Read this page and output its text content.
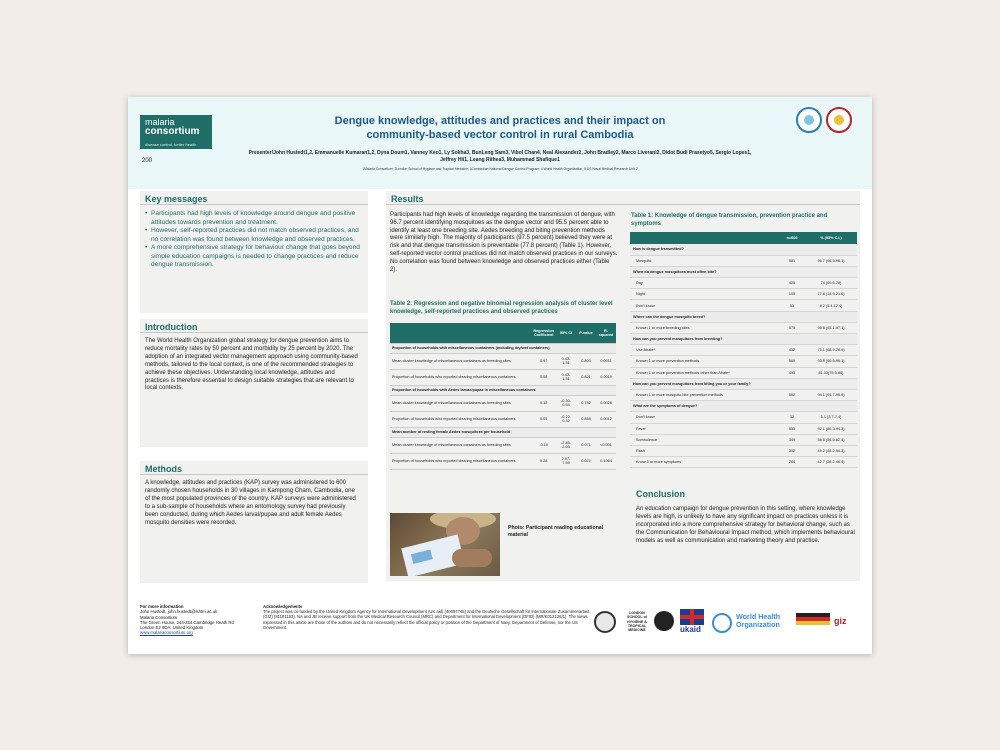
malaria
consortium
disease control, better health
200
Dengue knowledge, attitudes and practices and their impact on community-based vector control in rural Cambodia
Presenter/John Hustedt1,2, Emmanuelle Kumaran1,2, Dyna Doum1, Vanney Keo1, Ly Sokha3, BunLeng Sam3, Vibol Chan4, Neal Alexander2, John Bradley2, Marco Liverani2, Didot Budi Prasetyo5, Sergio Lopes1, Jeffrey Hii1, Leang Rithea3, Muhammad Shafique1
1Malaria Consortium; 2London School of Hygiene and Tropical Medicine; 3Cambodian National Dengue Control Program; 4 World Health Organization; 5 US Naval Medical Research Unit-2
Key messages
• Participants had high levels of knowledge around dengue and positive attitudes towards prevention and treatment.
• However, self-reported practices did not match observed practices, and no correlation was found between knowledge and observed practices.
• A more comprehensive strategy for behaviour change that goes beyond simple education campaigns is needed to change practices and reduce dengue transmission.
Introduction
The World Health Organization global strategy for dengue prevention aims to reduce mortality rates by 50 percent and morbidity by 25 percent by 2020. The adoption of an integrated vector management approach using community-based methods, tailored to the local context, is one of the recommended strategies to achieve these objectives. Understanding local knowledge, attitudes and practices is therefore essential to design suitable strategies that are relevant to local contexts.
Methods
A knowledge, attitudes and practices (KAP) survey was administered to 600 randomly chosen households in 30 villages in Kampong Cham, Cambodia, one of the most populated provinces of the country. KAP surveys were administered to a sub-sample of households where an entomology survey had previously been conducted, during which Aedes larval/pupae and adult female Aedes mosquito densities were recorded.
Results
Participants had high levels of knowledge regarding the transmission of dengue, with 96.7 percent identifying mosquitoes as the dengue vector and 95.5 percent able to identify at least one breeding site. Aedes breeding and biting prevention methods were similarly high. The majority of participants (97.5 percent) believed they were at risk and that dengue transmission is preventable (77.8 percent) (Table 1). However, self-reported vector control practices did not match observed practices in our surveys. No correlation was found between knowledge and observed practices either (Table 2).
Table 2: Regression and negative binomial regression analysis of cluster level knowledge, self-reported practices and observed practices
	Regression Coefficient	95% CI	P-value	R-squared
Proportion of households with miscellaneous containers (including dry/wet containers)				
Mean cluster knowledge of miscellaneous containers as breeding sites	0.97	0.43-1.51	0.803	0.0011
Proportion of households who reported clearing miscellaneous containers	0.08	0.43-1.51	0.821	0.0019
Proportion of households with Aedes larvae/pupae in miscellaneous containers				
Mean cluster knowledge of miscellaneous containers as breeding sites	0.12	-0.30-0.54	0.782	0.0028
Proportion of households who reported clearing miscellaneous containers	0.05	-0.22-0.32	0.858	0.0012
Mean number of resting female Aedes mosquitoes per household				
Mean cluster knowledge of miscellaneous containers as breeding sites	-0.10	-2.85-2.65	0.971	<0.001
Proportion of households who reported clearing miscellaneous containers	5.28	2.97-7.59	0.022	0.1064
Photo: Participant reading educational material
Table 1: Knowledge of dengue transmission, prevention practice and symptoms
	n=600	% (95% C.I.)
How is dengue transmitted?		
Mosquito	581	96.7 (94.5-98.1)
When do dengue mosquitoes most often bite?		
Day	425	74 (69.6-78)
Night	105	17.8 (14.5-21.6)
Don't know	53	8.2 (5.4-12.4)
Where can the dengue mosquito breed?		
Known 1 or more breeding sites	575	95.5 (93.1-97.1)
How can you prevent mosquitoes from breeding?		
Use Abate*	452	73.1 (68.9-76.9)
Known 1 or more prevention methods	569	93.9 (90.6-96.1)
Known 1 or more prevention methods other than Abate*	493	81.33(75.5-86)
How can you prevent mosquitoes from biting you or your family?		
Known 1 or more mosquito bite prevention methods	562	94.1 (91.7-95.9)
What are the symptoms of dengue?		
Don't know	32	5.1 (3.7-7.4)
Fever	553	92.1 (89.3-94.3)
Somnolence	349	58.5 (54.5-62.4)
Rash	302	49.2 (44.2-54.3)
Know 3 or more symptoms	264	42.7 (39.2-46.4)
Conclusion
An education campaign for dengue prevention in this setting, where knowledge levels are high, is unlikely to have any significant impact on practices unless it is incorporated into a more comprehensive strategy for behavioral change, such as the Communication for Behavioural Impact method, which implements behavioural models as well as communication and marketing theory and practice.
For more information
John Hustedt, john.hustedt@lshtm.ac.uk
Malaria Consortium
The Green House, 244-254 Cambridge Heath Rd
London E2 9DA, United Kingdom
www.malariaconsortium.org
Acknowledgements
The project was co-funded by the United Kingdom Agency for International Development (UK aid) (40097745) and the Deutsche Gesellschaft für Internationale Zusammenarbeit (GIZ) (81181153). NA and JB receive support from the UK Medical Research Council (MRC) and Department for International Development (DFID) (MR/K012126/1). The views expressed in this article are those of the authors and do not necessarily reflect the official policy or position of the Department of Navy, Department of Defense, nor the US Government.
LONDON SCHOOL of HYGIENE & TROPICAL MEDICINE	ukaid
World Health Organization	giz
